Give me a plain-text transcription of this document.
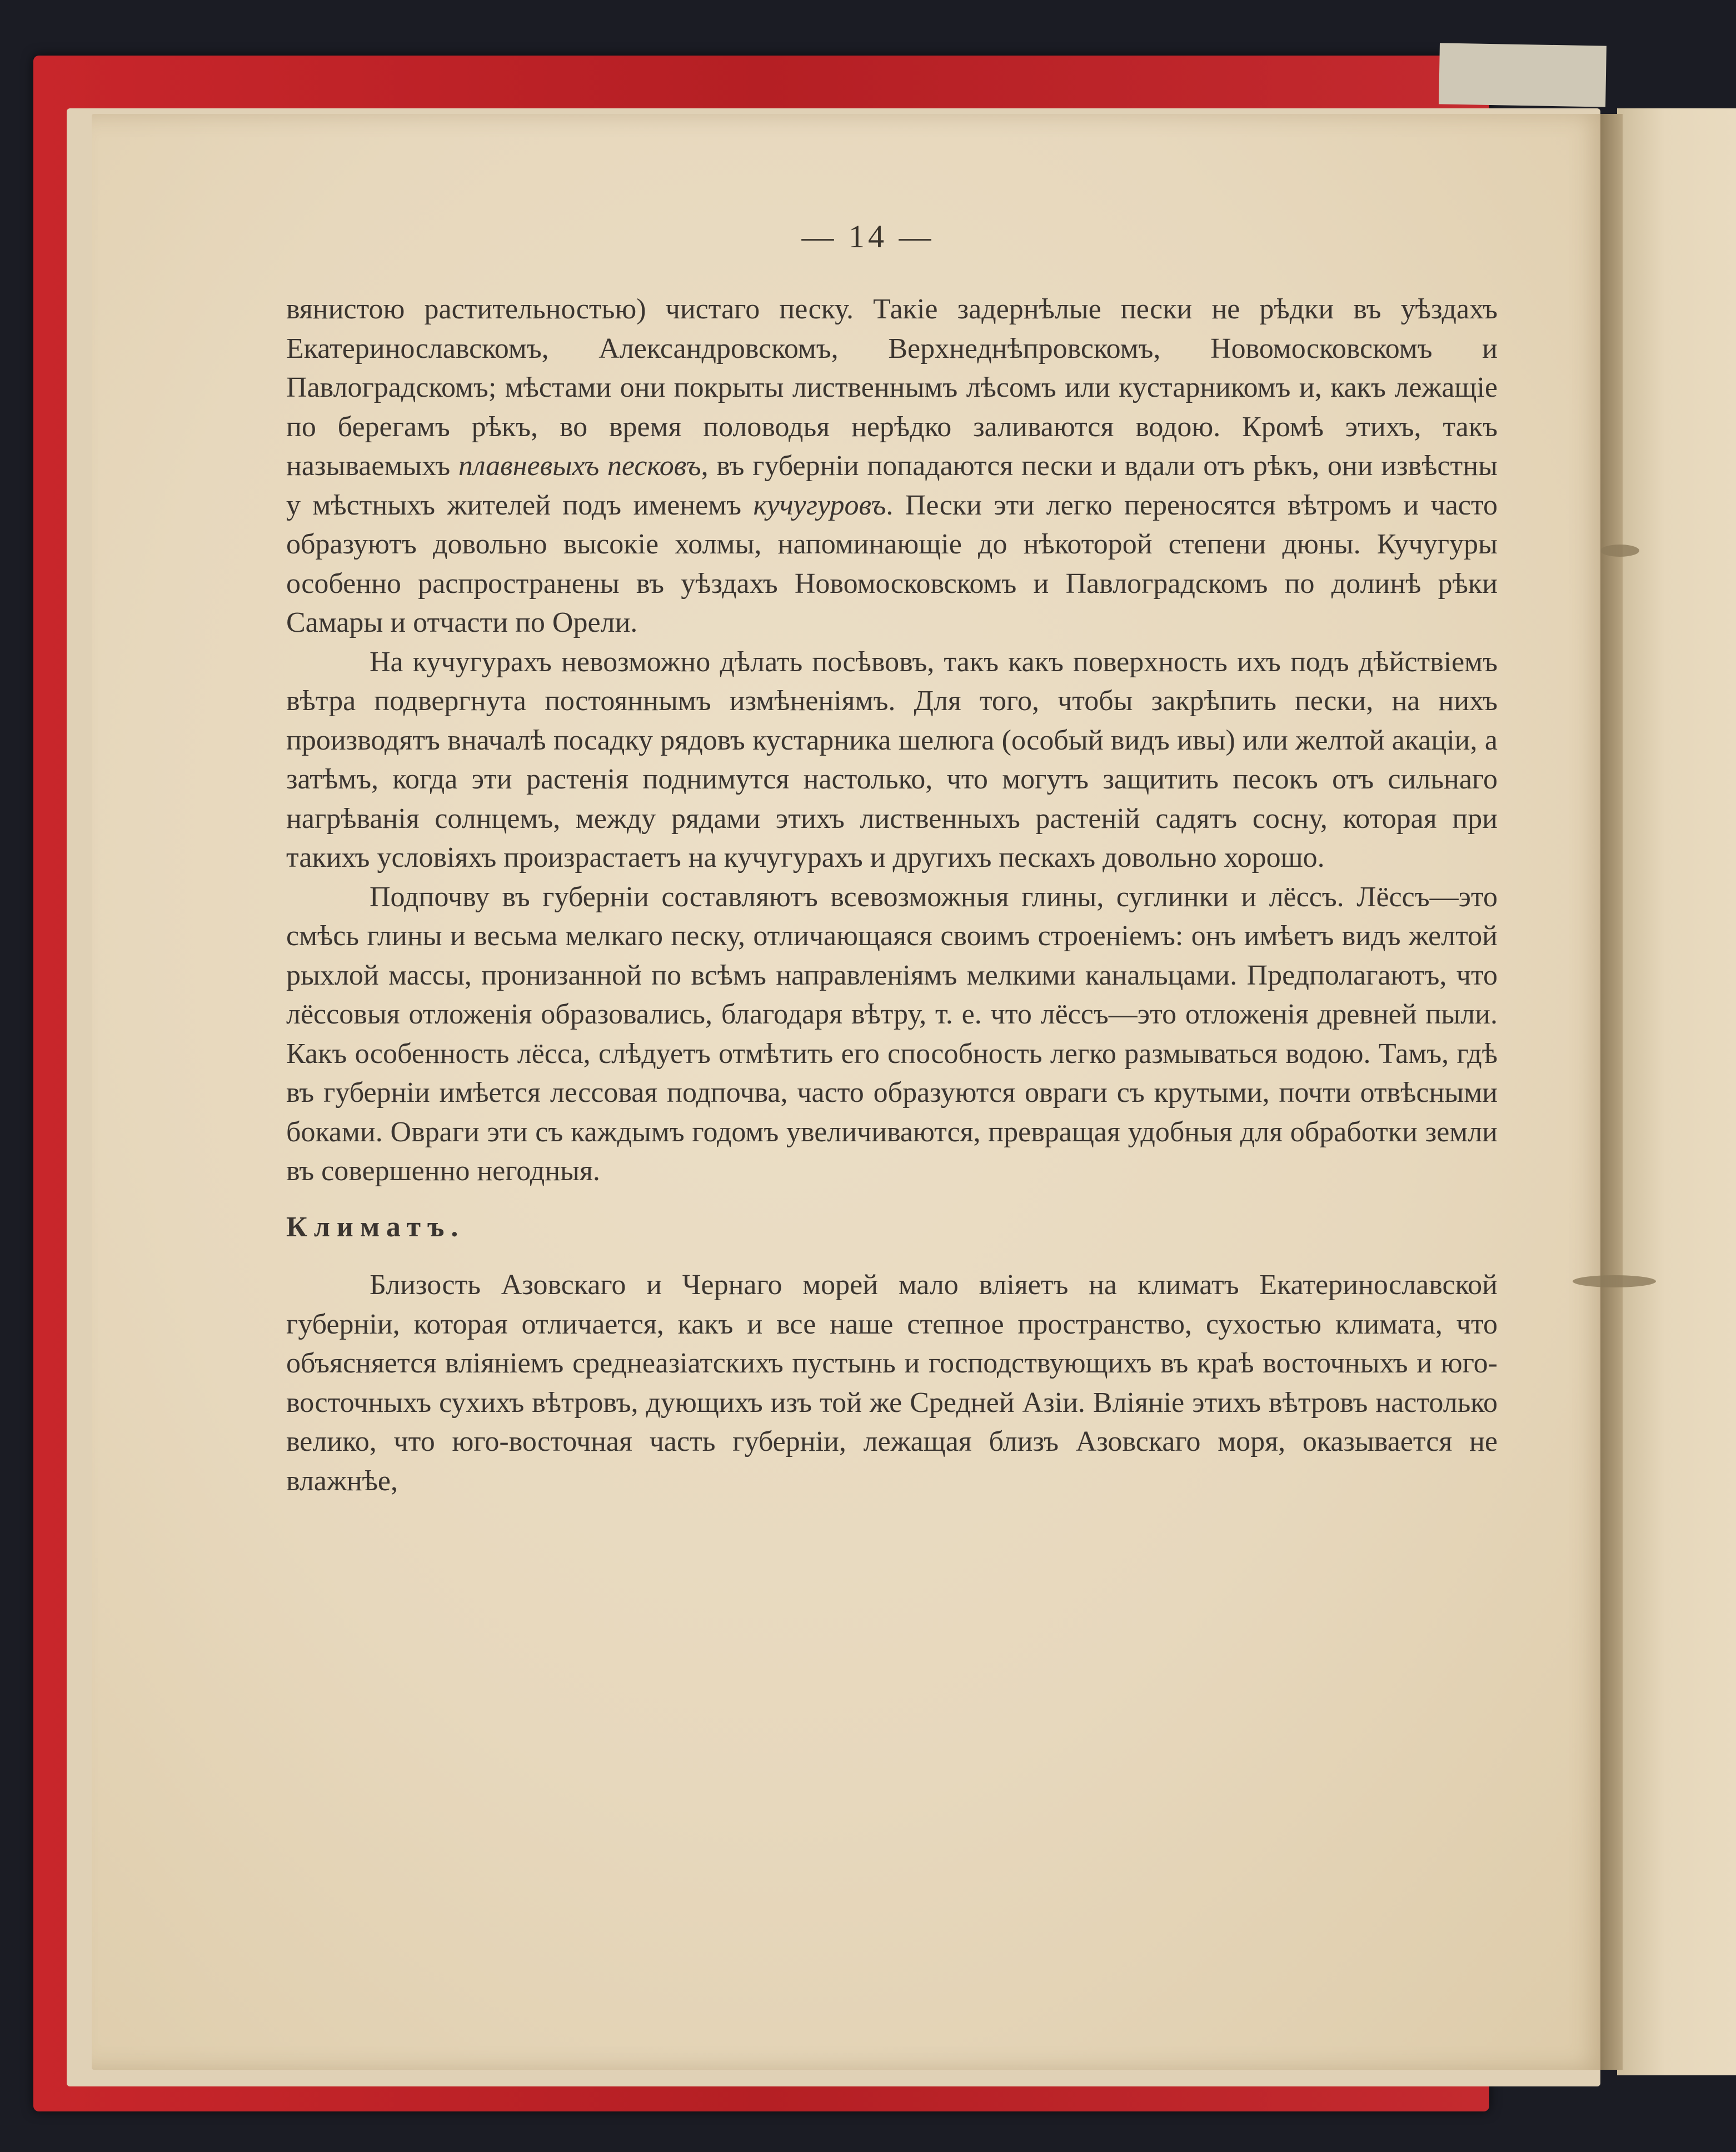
— 14 —

вянистою растительностью) чистаго песку. Такіе задернѣлые пески не рѣдки въ уѣздахъ Екатеринославскомъ, Александровскомъ, Верхнеднѣпровскомъ, Новомосковскомъ и Павлоградскомъ; мѣстами они покрыты лиственнымъ лѣсомъ или кустарникомъ и, какъ лежащіе по берегамъ рѣкъ, во время половодья нерѣдко заливаются водою. Кромѣ этихъ, такъ называемыхъ плавневыхъ песковъ, въ губерніи попадаются пески и вдали отъ рѣкъ, они извѣстны у мѣстныхъ жителей подъ именемъ кучугуровъ. Пески эти легко переносятся вѣтромъ и часто образуютъ довольно высокіе холмы, напоминающіе до нѣкоторой степени дюны. Кучугуры особенно распространены въ уѣздахъ Новомосковскомъ и Павлоградскомъ по долинѣ рѣки Самары и отчасти по Орели.

На кучугурахъ невозможно дѣлать посѣвовъ, такъ какъ поверхность ихъ подъ дѣйствіемъ вѣтра подвергнута постояннымъ измѣненіямъ. Для того, чтобы закрѣпить пески, на нихъ производятъ вначалѣ посадку рядовъ кустарника шелюга (особый видъ ивы) или желтой акаціи, а затѣмъ, когда эти растенія поднимутся настолько, что могутъ защитить песокъ отъ сильнаго нагрѣванія солнцемъ, между рядами этихъ лиственныхъ растеній садятъ сосну, которая при такихъ условіяхъ произрастаетъ на кучугурахъ и другихъ пескахъ довольно хорошо.

Подпочву въ губерніи составляютъ всевозможныя глины, суглинки и лёссъ. Лёссъ—это смѣсь глины и весьма мелкаго песку, отличающаяся своимъ строеніемъ: онъ имѣетъ видъ желтой рыхлой массы, пронизанной по всѣмъ направленіямъ мелкими канальцами. Предполагаютъ, что лёссовыя отложенія образовались, благодаря вѣтру, т. е. что лёссъ—это отложенія древней пыли. Какъ особенность лёсса, слѣдуетъ отмѣтить его способность легко размываться водою. Тамъ, гдѣ въ губерніи имѣется лессовая подпочва, часто образуются овраги съ крутыми, почти отвѣсными боками. Овраги эти съ каждымъ годомъ увеличиваются, превращая удобныя для обработки земли въ совершенно негодныя.

Климатъ.

Близость Азовскаго и Чернаго морей мало вліяетъ на климатъ Екатеринославской губерніи, которая отличается, какъ и все наше степное пространство, сухостью климата, что объясняется вліяніемъ среднеазіатскихъ пустынь и господствующихъ въ краѣ восточныхъ и юго-восточныхъ сухихъ вѣтровъ, дующихъ изъ той же Средней Азіи. Вліяніе этихъ вѣтровъ настолько велико, что юго-восточная часть губерніи, лежащая близъ Азовскаго моря, оказывается не влажнѣе,
